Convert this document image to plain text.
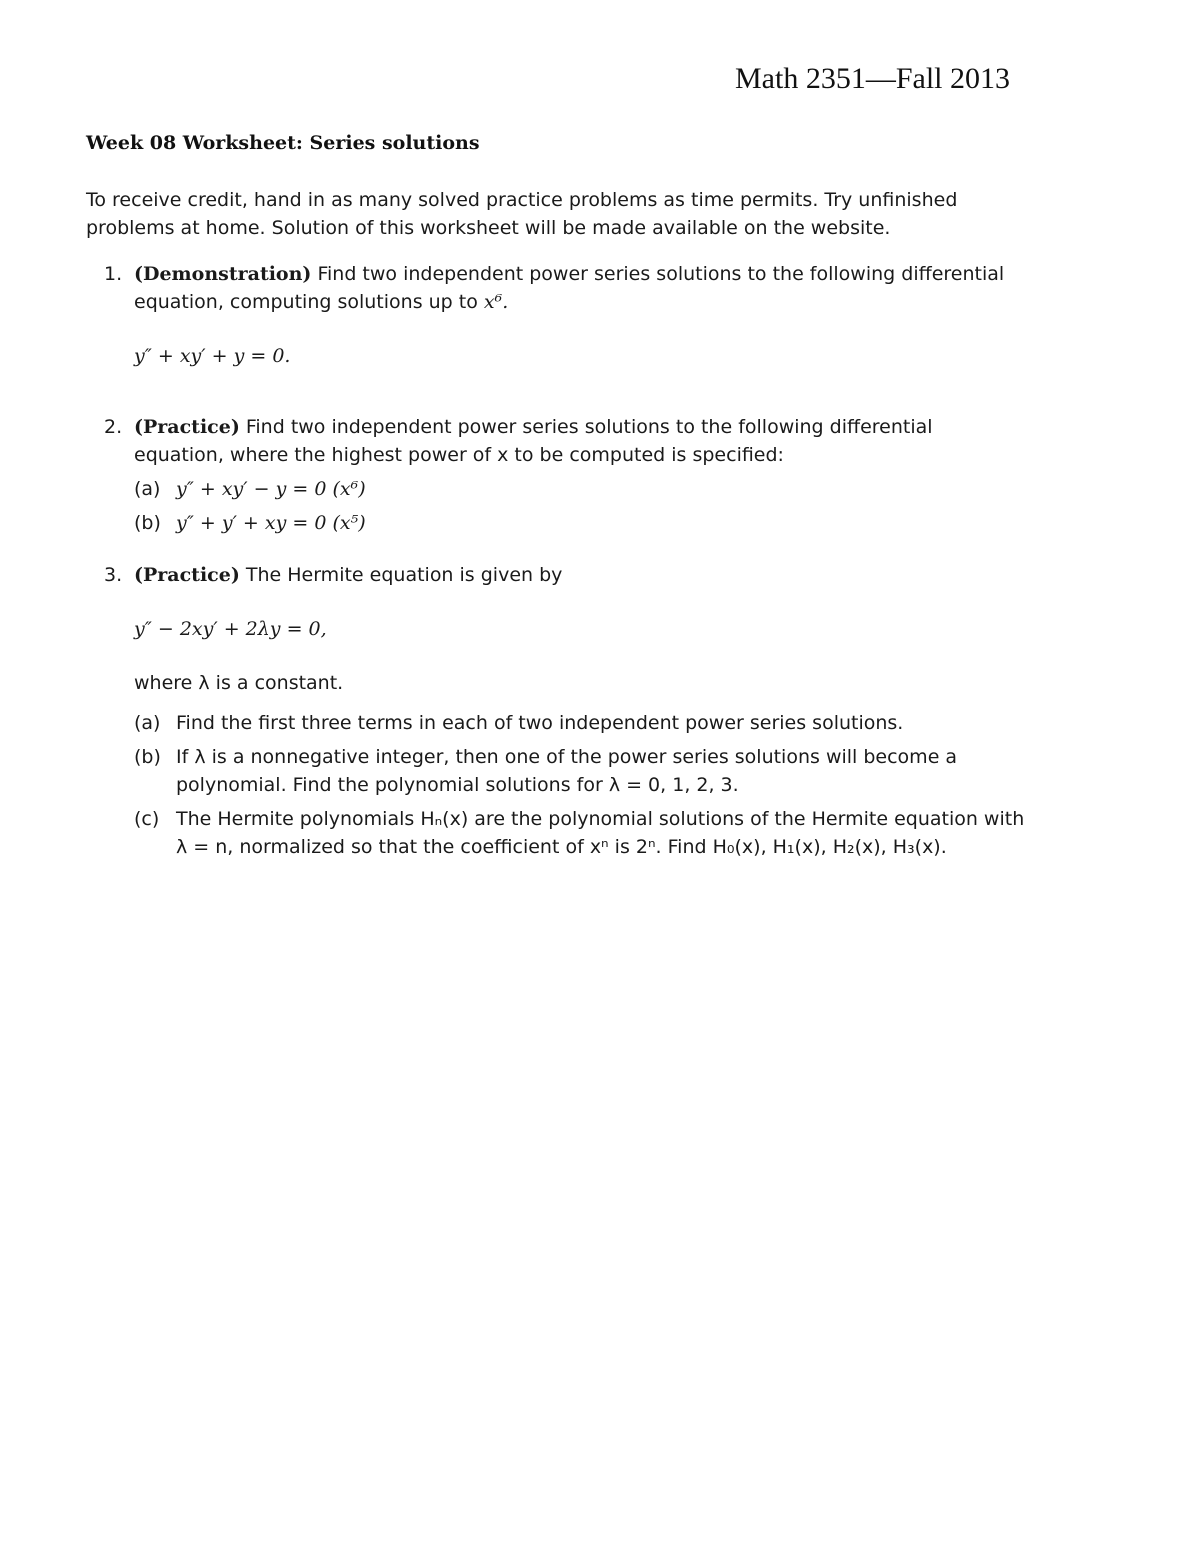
Math 2351—Fall 2013
Week 08 Worksheet: Series solutions

To receive credit, hand in as many solved practice problems as time permits. Try unfinished problems at home. Solution of this worksheet will be made available on the website.

1. (Demonstration) Find two independent power series solutions to the following differential equation, computing solutions up to x⁶.
y″ + xy′ + y = 0.
2. (Practice) Find two independent power series solutions to the following differential equation, where the highest power of x to be computed is specified:
(a) y″ + xy′ − y = 0 (x⁶)
(b) y″ + y′ + xy = 0 (x⁵)
3. (Practice) The Hermite equation is given by
y″ − 2xy′ + 2λy = 0,
where λ is a constant.
(a) Find the first three terms in each of two independent power series solutions.
(b) If λ is a nonnegative integer, then one of the power series solutions will become a polynomial. Find the polynomial solutions for λ = 0, 1, 2, 3.
(c) The Hermite polynomials Hₙ(x) are the polynomial solutions of the Hermite equation with λ = n, normalized so that the coefficient of xⁿ is 2ⁿ. Find H₀(x), H₁(x), H₂(x), H₃(x).
